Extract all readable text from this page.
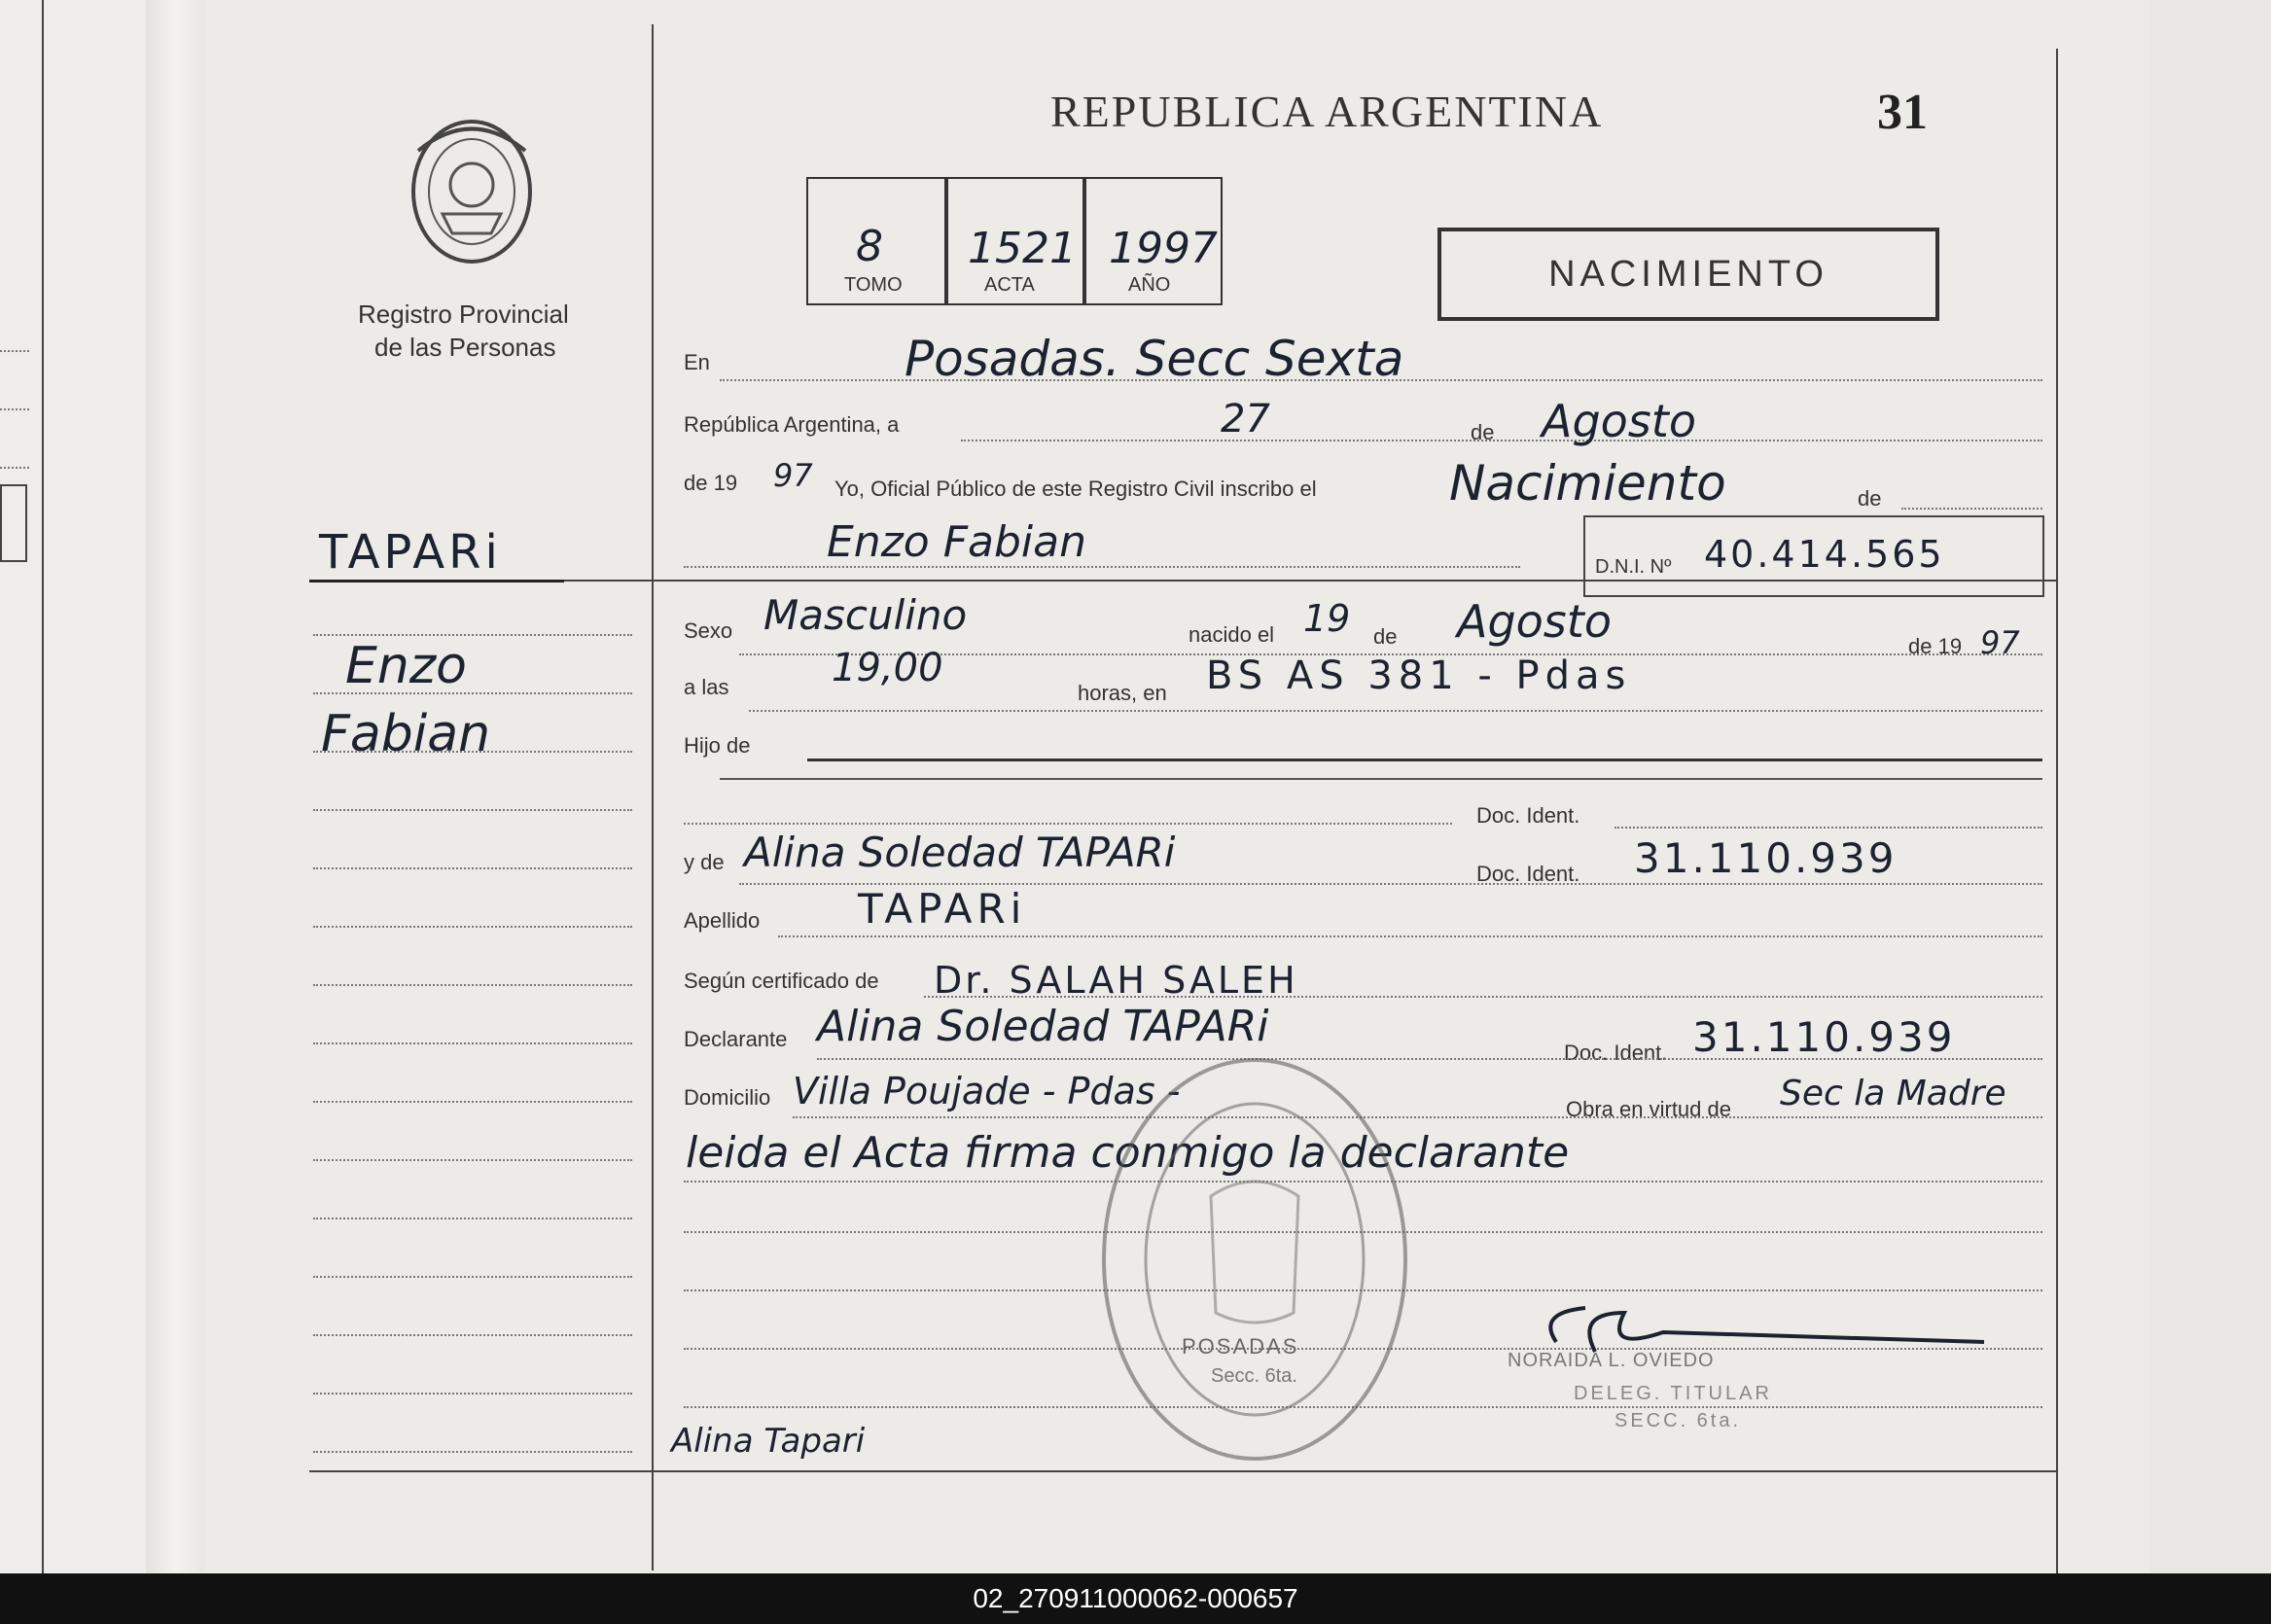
Registro Provincial
de las Personas
REPUBLICA ARGENTINA	31
NACIMIENTO
TOMO	ACTA	AÑO
8 1521 1997
TAPARi
Enzo
Fabian
En	Posadas. Secc Sexta
República Argentina, a	27	de Agosto
de 19 97 Yo, Oficial Público de este Registro Civil inscribo el	Nacimiento	de
Enzo Fabian	D.N.I. Nº 40.414.565
Sexo Masculino	nacido el 19 de Agosto	de 19 97
a las	19,00
horas, en BS AS 381 - Pdas
Hijo de
Doc. Ident.
y de Alina Soledad TAPARi	Doc. Ident. 31.110.939
Apellido TAPARi
Según certificado de Dr. SALAH SALEH
Declarante Alina Soledad TAPARi
Doc. Ident. 31.110.939
Domicilio Villa Poujade - Pdas -	Obra en virtud de Sec la Madre
leida el Acta firma conmigo la declarante
POSADAS
Secc. 6ta.
NORAIDA L. OVIEDO
DELEG. TITULAR
SECC. 6ta.
Alina Tapari
02_270911000062-000657
